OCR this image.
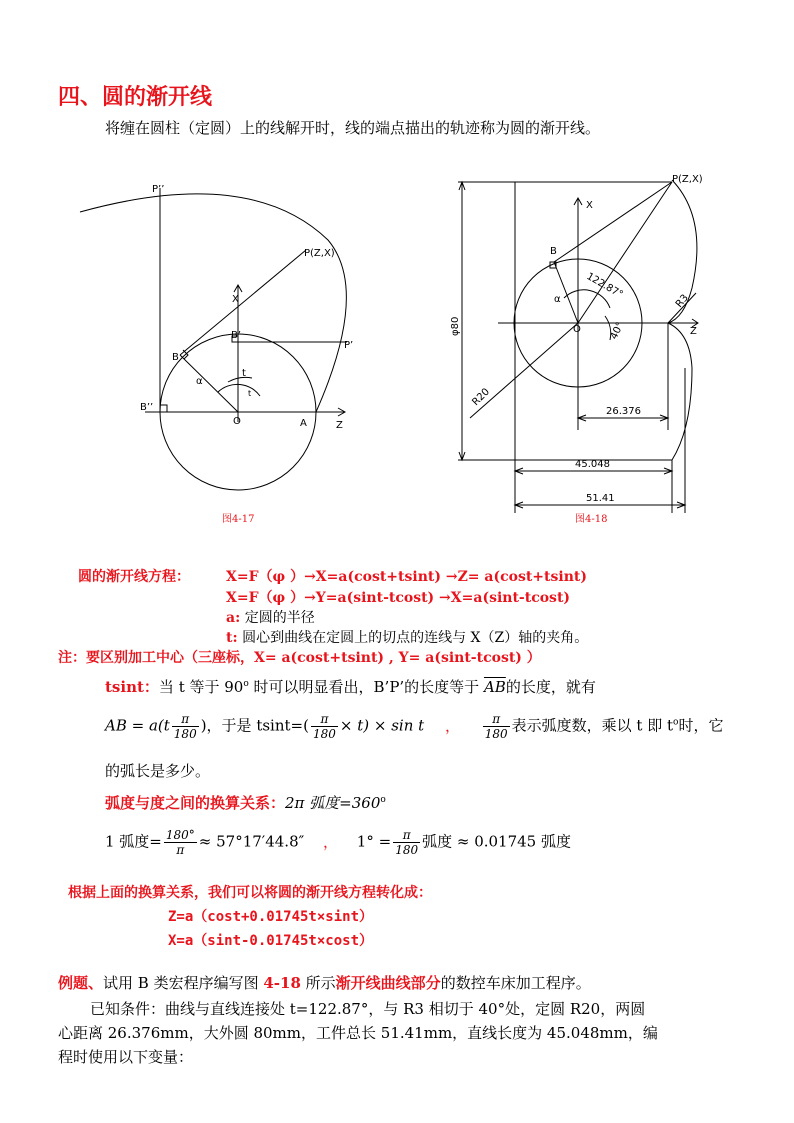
四、圆的渐开线
将缠在圆柱（定圆）上的线解开时，线的端点描出的轨迹称为圆的渐开线。
P’’
P(Z,X)
P’
B
B’
B’’
X
Z
O	A
α
t
t
图4-17
P(Z,X)
X
Z
B
O
α 122.87°
40°
R3
R20
φ80
26.376
45.048
51.41
图4-18
圆的渐开线方程：	X=F（φ ）→X=a(cost+tsint) →Z= a(cost+tsint)
X=F（φ ）→Y=a(sint-tcost) →X=a(sint-tcost)
a: 定圆的半径
t: 圆心到曲线在定圆上的切点的连线与 X（Z）轴的夹角。
注：要区别加工中心（三座标，X= a(cost+tsint) , Y= a(sint-tcost) ）
tsint：当 t 等于 90$^o$ 时可以明显看出，B’P’的长度等于 $\overline{AB}$的长度，就有
AB = $a(t \frac{\pi}{180}$ )，于是 $tsint=( \frac{\pi}{180} \times t) \times \sin t$ ， $\frac{\pi}{180}$ 表示弧度数，乘以 t 即 $t^o$时，它
的弧长是多少。
弧度与度之间的换算关系：2π 弧度$=360^o$
1 弧度= $\frac{180^\circ}{\pi} \approx 57^\circ 17'44.8''$ ， $1^\circ = \frac{\pi}{180}$ 弧度 ≈ 0.01745 弧度
根据上面的换算关系，我们可以将圆的渐开线方程转化成：
Z=a（cost+0.01745t×sint）
X=a（sint-0.01745t×cost）
例题、试用 B 类宏程序编写图 4-18 所示渐开线曲线部分的数控车床加工程序。
已知条件：曲线与直线连接处 t=122.87°，与 R3 相切于 40°处，定圆 R20，两圆
心距离 26.376mm，大外圆 80mm，工件总长 51.41mm，直线长度为 45.048mm，编
程时使用以下变量：
